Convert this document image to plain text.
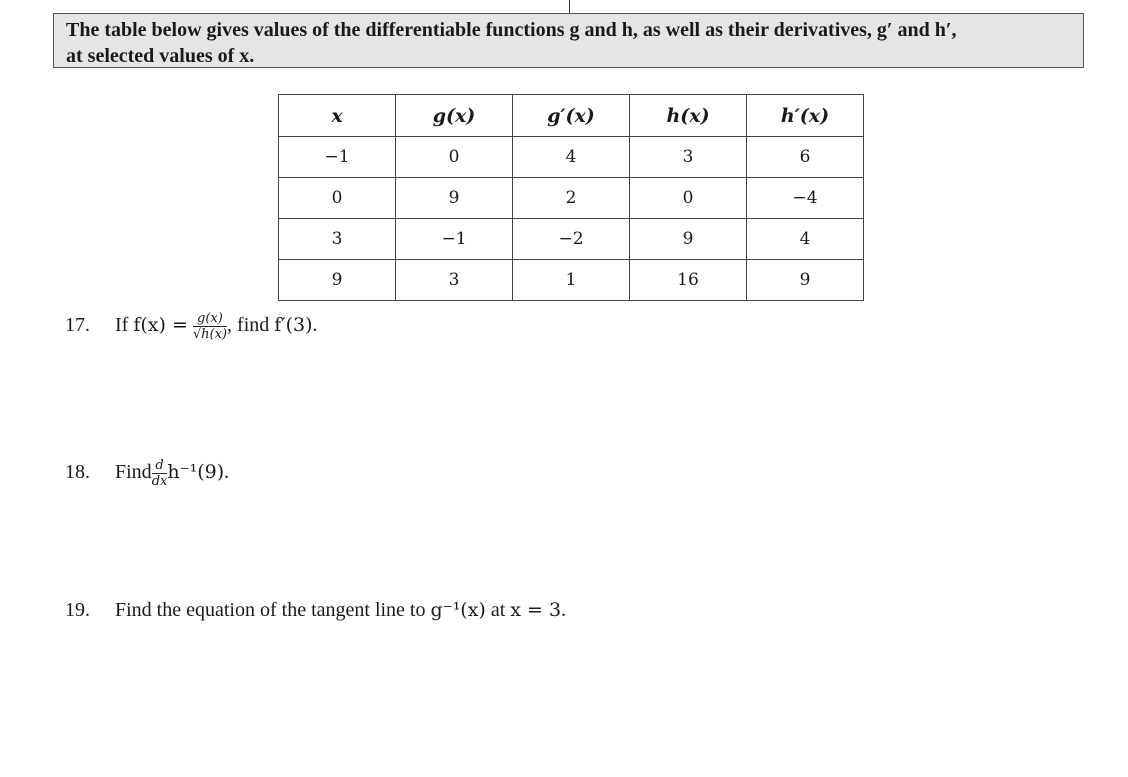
The table below gives values of the differentiable functions g and h, as well as their derivatives, g′ and h′,
at selected values of x.
x	g(x)	g′(x)	h(x)	h′(x)
−1	0	4	3	6
0	9	2	0	−4
3	−1	−2	9	4
9	3	1	16	9
17. If $f(x) = \frac{g(x)}{√h(x)}$ , find f′(3).
18. Find $\frac{d}{dx} h^{-1}(9)$.
19. Find the equation of the tangent line to g⁻¹(x) at x = 3.
